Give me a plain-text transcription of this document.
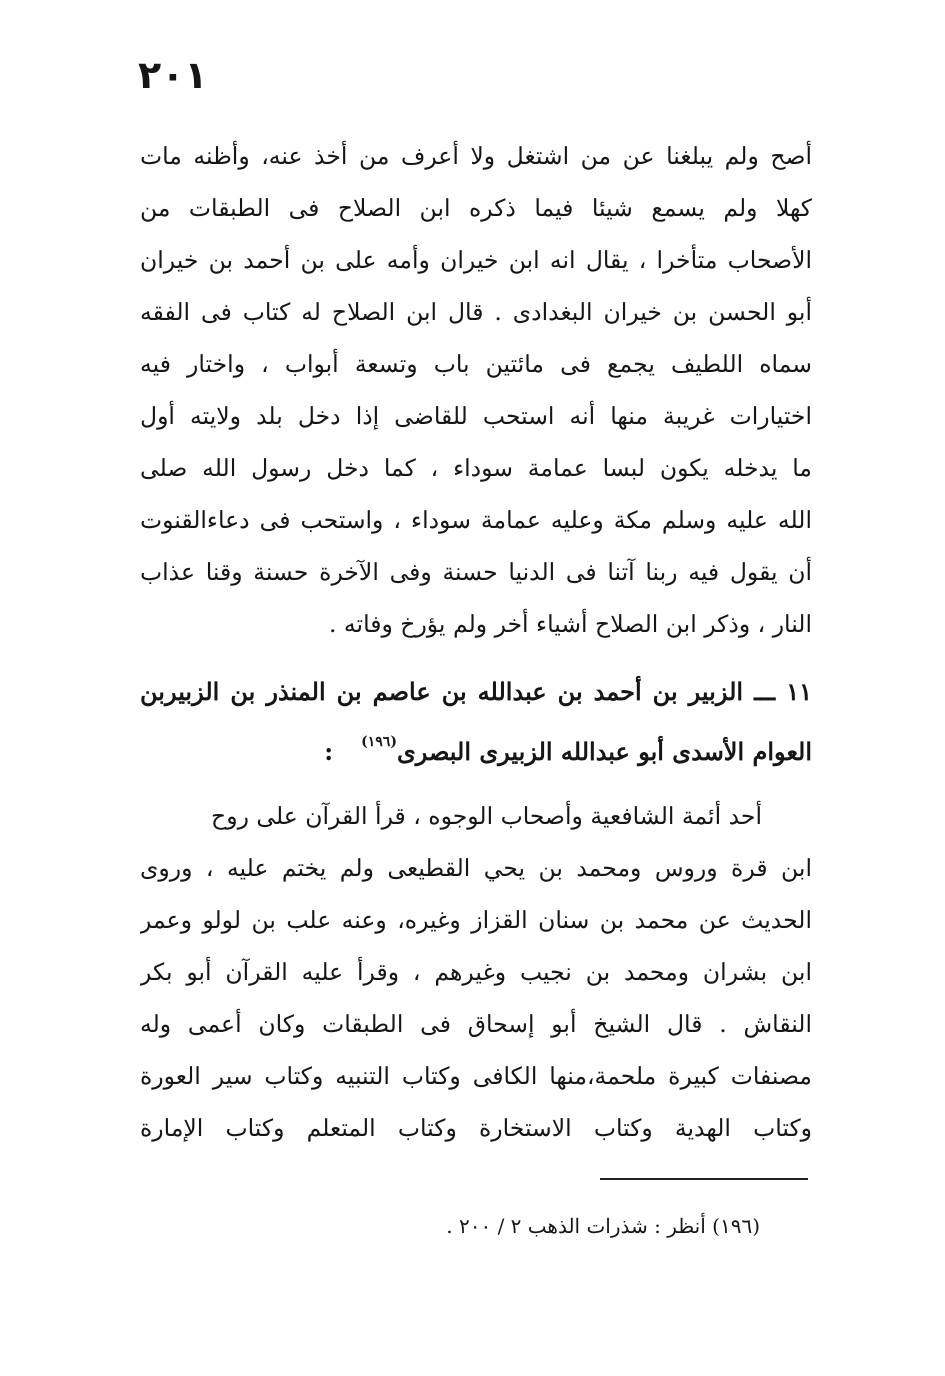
٢٠١
أصح ولم يبلغنا عن من اشتغل ولا أعرف من أخذ عنه، وأظنه مات
كهلا ولم يسمع شيئا فيما ذكره ابن الصلاح فى الطبقات من
الأصحاب متأخرا ، يقال انه ابن خيران وأمه على بن أحمد بن خيران
أبو الحسن بن خيران البغدادى . قال ابن الصلاح له كتاب فى الفقه
سماه اللطيف يجمع فى مائتين باب وتسعة أبواب ، واختار فيه
اختيارات غريبة منها أنه استحب للقاضى إذا دخل بلد ولايته أول
ما يدخله يكون لبسا عمامة سوداء ، كما دخل رسول الله صلى
الله عليه وسلم مكة وعليه عمامة سوداء ، واستحب فى دعاءالقنوت
أن يقول فيه ربنا آتنا فى الدنيا حسنة وفى الآخرة حسنة وقنا عذاب
النار ، وذكر ابن الصلاح أشياء أخر ولم يؤرخ وفاته .
١١ ـــ الزبير بن أحمد بن عبدالله بن عاصم بن المنذر بن الزبيربن
العوام الأسدى أبو عبدالله الزبيرى البصرى$^{(١٩٦)}$:
أحد أئمة الشافعية وأصحاب الوجوه ، قرأ القرآن على روح
ابن قرة وروس ومحمد بن يحي القطيعى ولم يختم عليه ، وروى
الحديث عن محمد بن سنان القزاز وغيره، وعنه علب بن لولو وعمر
ابن بشران ومحمد بن نجيب وغيرهم ، وقرأ عليه القرآن أبو بكر
النقاش . قال الشيخ أبو إسحاق فى الطبقات وكان أعمى وله
مصنفات كبيرة ملحمة،منها الكافى وكتاب التنبيه وكتاب سير العورة
وكتاب الهدية وكتاب الاستخارة وكتاب المتعلم وكتاب الإمارة
(١٩٦) أنظر : شذرات الذهب ٢ / ٢٠٠ .
